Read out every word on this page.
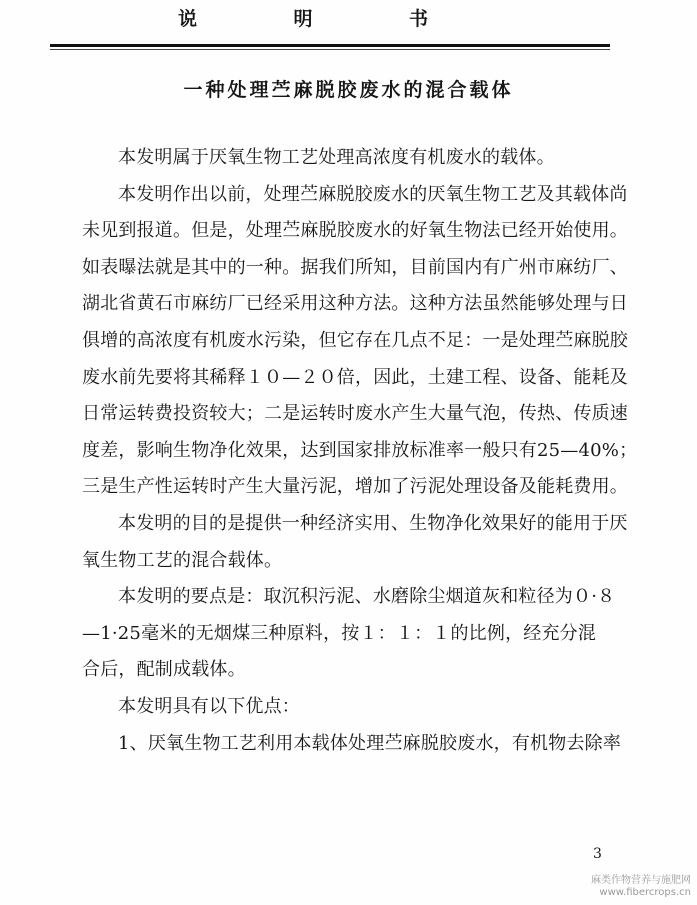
说	明	书
一种处理苎麻脱胶废水的混合载体
本发明属于厌氧生物工艺处理高浓度有机废水的载体。
本发明作出以前，处理苎麻脱胶废水的厌氧生物工艺及其载体尚
未见到报道。但是，处理苎麻脱胶废水的好氧生物法已经开始使用。
如表曝法就是其中的一种。据我们所知，目前国内有广州市麻纺厂、
湖北省黄石市麻纺厂已经采用这种方法。这种方法虽然能够处理与日
俱增的高浓度有机废水污染，但它存在几点不足：一是处理苎麻脱胶
废水前先要将其稀释１０—２０倍，因此，土建工程、设备、能耗及
日常运转费投资较大；二是运转时废水产生大量气泡，传热、传质速
度差，影响生物净化效果，达到国家排放标准率一般只有25—40%；
三是生产性运转时产生大量污泥，增加了污泥处理设备及能耗费用。
本发明的目的是提供一种经济实用、生物净化效果好的能用于厌
氧生物工艺的混合载体。
本发明的要点是：取沉积污泥、水磨除尘烟道灰和粒径为０·８
—1·25毫米的无烟煤三种原料，按１：１：１的比例，经充分混
合后，配制成载体。
本发明具有以下优点：
1、厌氧生物工艺利用本载体处理苎麻脱胶废水，有机物去除率
3
麻类作物营养与施肥网
www.fibercrops.cn
